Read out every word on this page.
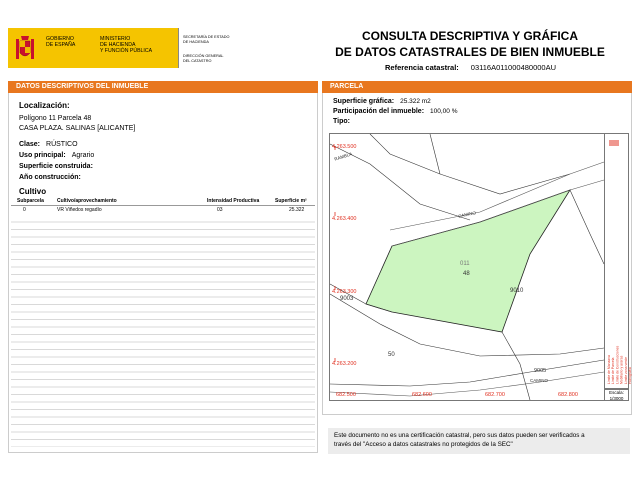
GOBIERNO
DE ESPAÑA
MINISTERIO
DE HACIENDA
Y FUNCIÓN PÚBLICA
SECRETARÍA DE ESTADO
DE HACIENDA
DIRECCIÓN GENERAL
DEL CATASTRO
CONSULTA DESCRIPTIVA Y GRÁFICA
DE DATOS CATASTRALES DE BIEN INMUEBLE
Referencia catastral: 03116A011000480000AU
DATOS DESCRIPTIVOS DEL INMUEBLE	PARCELA
Localización:
Polígono 11 Parcela 48
CASA PLAZA. SALINAS [ALICANTE]
Clase: RÚSTICO
Uso principal: Agrario
Superficie construida:
Año construcción:
Cultivo
Subparcela	Cultivo/aprovechamiento	Intensidad Productiva	Superficie m²
0	VR Viñedos regadío	03	25.322
Superficie gráfica: 25.322 m2
Participación del inmueble: 100,00 %
Tipo:
4.263.500
4.263.400
4.263.300
4.263.200
682.500	682.600	682.700	682.800
RAMBLA
CAMINO
CAMINO
011
48
9003
9010
50
9005	Límite de Manzana Límite de Parcela Límite de Construcciones Mobiliario y aceras Límite zona verde Hidrografía
Escala:
1/3000
Este documento no es una certificación catastral, pero sus datos pueden ser verificados a
través del "Acceso a datos catastrales no protegidos de la SEC"
